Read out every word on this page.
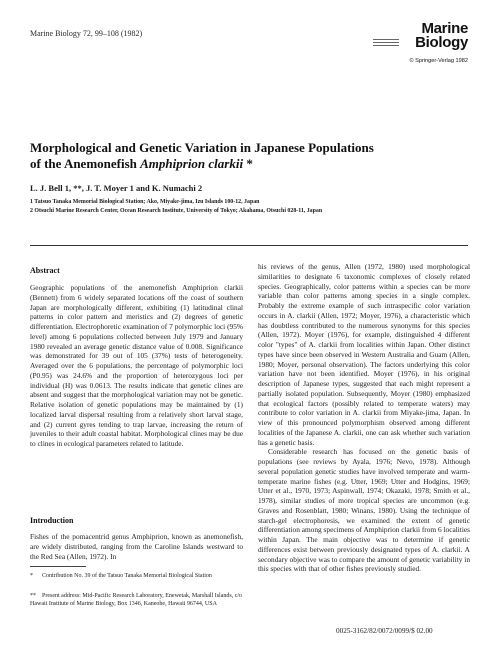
Marine Biology 72, 99–108 (1982)	Marine
Biology
© Springer-Verlag 1982
Morphological and Genetic Variation in Japanese Populations
of the Anemonefish Amphiprion clarkii *
L. J. Bell 1, **, J. T. Moyer 1 and K. Numachi 2
1 Tatsuo Tanaka Memorial Biological Station; Ako, Miyake-jima, Izu Islands 100-12, Japan
2 Otsuchi Marine Research Center, Ocean Research Institute, University of Tokyo; Akahama, Otsuchi 028-11, Japan
Abstract
Geographic populations of the anemonefish Amphiprion clarkii (Bennett) from 6 widely separated locations off the coast of southern Japan are morphologically different, exhibiting (1) latitudinal clinal patterns in color pattern and meristics and (2) degrees of genetic differentiation. Electrophoretic examination of 7 polymorphic loci (95% level) among 6 populations collected between July 1979 and January 1980 revealed an average genetic distance value of 0.008. Significance was demonstrated for 39 out of 105 (37%) tests of heterogeneity. Averaged over the 6 populations, the percentage of polymorphic loci (P0.95) was 24.6% and the proportion of heterozygous loci per individual (H) was 0.0613. The results indicate that genetic clines are absent and suggest that the morphological variation may not be genetic. Relative isolation of genetic populations may be maintained by (1) localized larval dispersal resulting from a relatively short larval stage, and (2) current gyres tending to trap larvae, increasing the return of juveniles to their adult coastal habitat. Morphological clines may be due to clines in ecological parameters related to latitude.
Introduction
Fishes of the pomacentrid genus Amphiprion, known as anemonefish, are widely distributed, ranging from the Caroline Islands westward to the Red Sea (Allen, 1972). In
* Contribution No. 39 of the Tatsuo Tanaka Memorial Biological Station
** Present address: Mid-Pacific Research Laboratory, Enewetak, Marshall Islands, c/o Hawaii Institute of Marine Biology, Box 1346, Kaneohe, Hawaii 96744, USA

his reviews of the genus, Allen (1972, 1980) used morphological similarities to designate 6 taxonomic complexes of closely related species. Geographically, color patterns within a species can be more variable than color patterns among species in a single complex. Probably the extreme example of such intraspecific color variation occurs in A. clarkii (Allen, 1972; Moyer, 1976), a characteristic which has doubtless contributed to the numerous synonyms for this species (Allen, 1972). Moyer (1976), for example, distinguished 4 different color "types" of A. clarkii from localities within Japan. Other distinct types have since been observed in Western Australia and Guam (Allen, 1980; Moyer, personal observation). The factors underlying this color variation have not been identified. Moyer (1976), in his original description of Japanese types, suggested that each might represent a partially isolated population. Subsequently, Moyer (1980) emphasized that ecological factors (possibly related to temperate waters) may contribute to color variation in A. clarkii from Miyake-jima, Japan. In view of this pronounced polymorphism observed among different localities of the Japanese A. clarkii, one can ask whether such variation has a genetic basis.

Considerable research has focused on the genetic basis of populations (see reviews by Ayala, 1976; Nevo, 1978). Although several population genetic studies have involved temperate and warm-temperate marine fishes (e.g. Utter, 1969; Utter and Hodgins, 1969; Utter et al., 1970, 1973; Aspinwall, 1974; Okazaki, 1978; Smith et al., 1978), similar studies of more tropical species are uncommon (e.g. Graves and Rosenblatt, 1980; Winans, 1980). Using the technique of starch-gel electrophoresis, we examined the extent of genetic differentiation among specimens of Amphiprion clarkii from 6 localities within Japan. The main objective was to determine if genetic differences exist between previously designated types of A. clarkii. A secondary objective was to compare the amount of genetic variability in this species with that of other fishes previously studied.

0025-3162/82/0072/0099/$ 02.00
